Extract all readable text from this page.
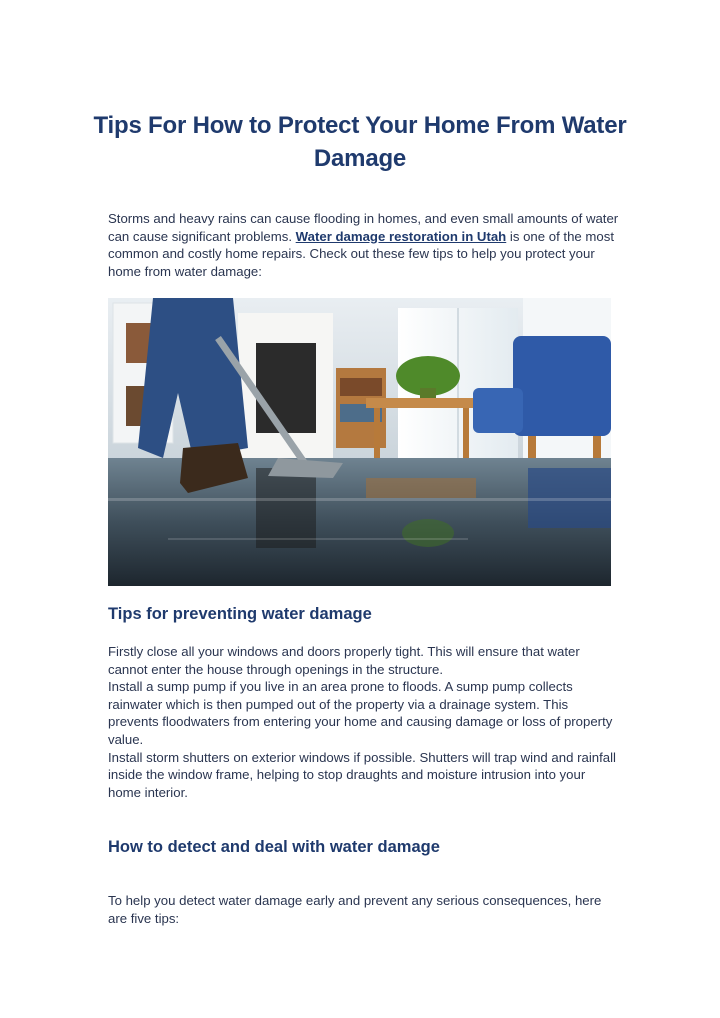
Tips For How to Protect Your Home From Water Damage

Storms and heavy rains can cause flooding in homes, and even small amounts of water can cause significant problems. Water damage restoration in Utah is one of the most common and costly home repairs. Check out these few tips to help you protect your home from water damage:

Tips for preventing water damage

Firstly close all your windows and doors properly tight. This will ensure that water cannot enter the house through openings in the structure.

Install a sump pump if you live in an area prone to floods. A sump pump collects rainwater which is then pumped out of the property via a drainage system. This prevents floodwaters from entering your home and causing damage or loss of property value.

Install storm shutters on exterior windows if possible. Shutters will trap wind and rainfall inside the window frame, helping to stop draughts and moisture intrusion into your home interior.

How to detect and deal with water damage

To help you detect water damage early and prevent any serious consequences, here are five tips:
